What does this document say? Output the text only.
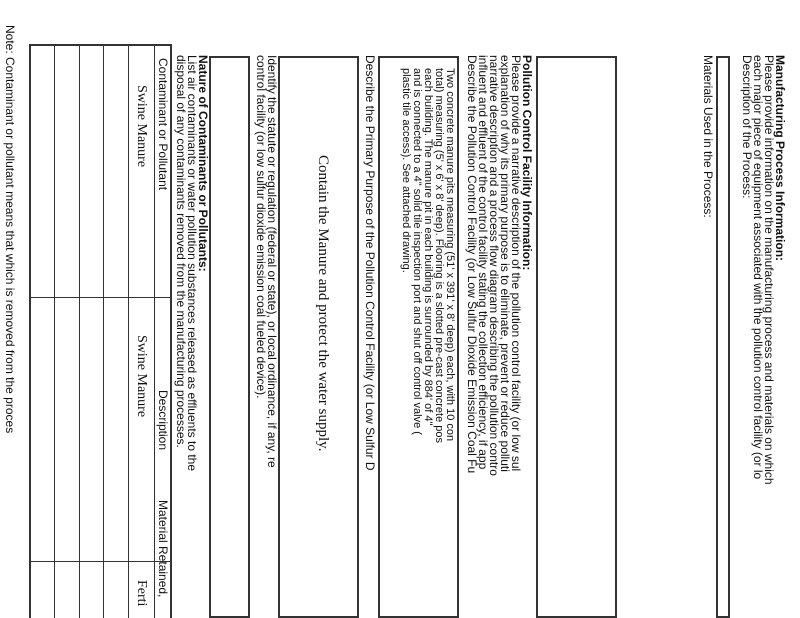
Manufacturing Process Information:
Please provide information on the manufacturing process and materials on which
each major piece of equipment associated with the pollution control facility (or lo
Description of the Process:
Materials Used in the Process:
Pollution Control Facility Information:
Please provide a narrative description of the pollution control facility (or low sul
explanation of why its primary purpose is to eliminate, prevent or reduce polluti
narrative description and a process flow diagram describing the pollution contro
influent and effluent of the control facility stating the collection efficiency, if app
Describe the Pollution Control Facility (or Low Sulfur Dioxide Emission Coal Fu
Two concrete manure pits measuring (51' x 391' x 8' deep) each, with 10 con
total) measuring (5' x 6' x 8' deep). Flooring is a slotted pre-cast concrete pos
each building. The manure pit in each building is surrounded by 884' of 4"
and is connected to a 4" solid tile inspection port and shut off control valve (
plastic tile access). See attached drawing.
Describe the Primary Purpose of the Pollution Control Facility (or Low Sulfur D
Contain the Manure and protect the water supply.
Identify the statute or regulation (federal or state), or local ordinance, if any, re
control facility (or low sulfur dioxide emission coal fueled device).
Nature of Contaminants or Pollutants:
List air contaminants or water pollution substances released as effluents to the
disposal of any contaminants removed from the manufacturing processes.
Contaminant or Pollutant
Description
Material Retained,
Swine Manure
Swine Manure
Ferti
Note: Contaminant or pollutant means that which is removed from the proces
